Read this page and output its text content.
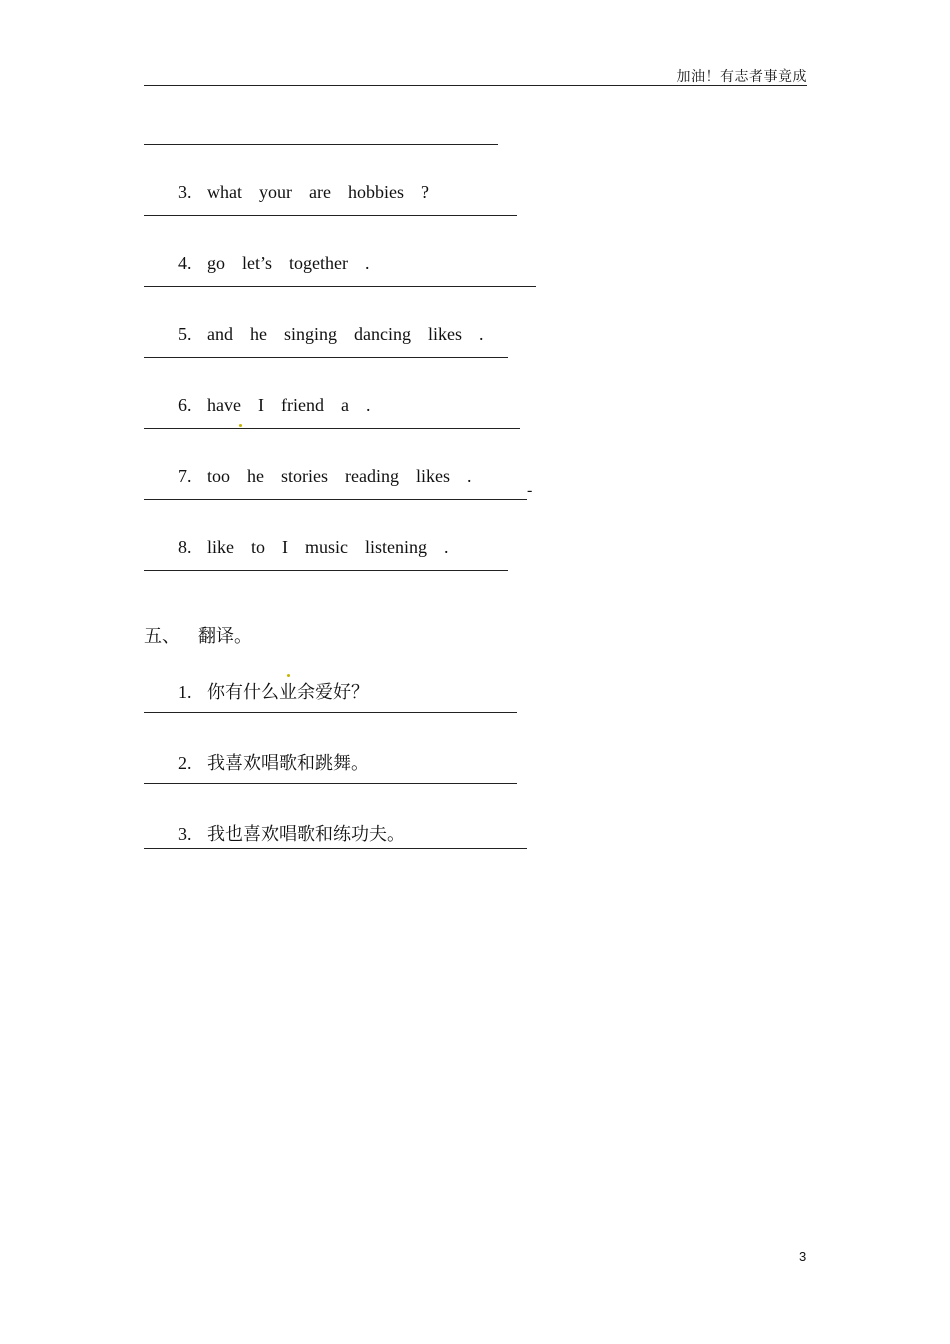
加油！有志者事竟成

3. what  your  are  hobbies  ?

4. go  let’s  together  .

5. and  he  singing  dancing  likes  .

6. have  I  friend  a  .

7. too  he  stories  reading  likes  .

-

8. like  to  I  music  listening  .

五、    翻译。

1. 你有什么业余爱好？

2. 我喜欢唱歌和跳舞。

3. 我也喜欢唱歌和练功夫。

3
